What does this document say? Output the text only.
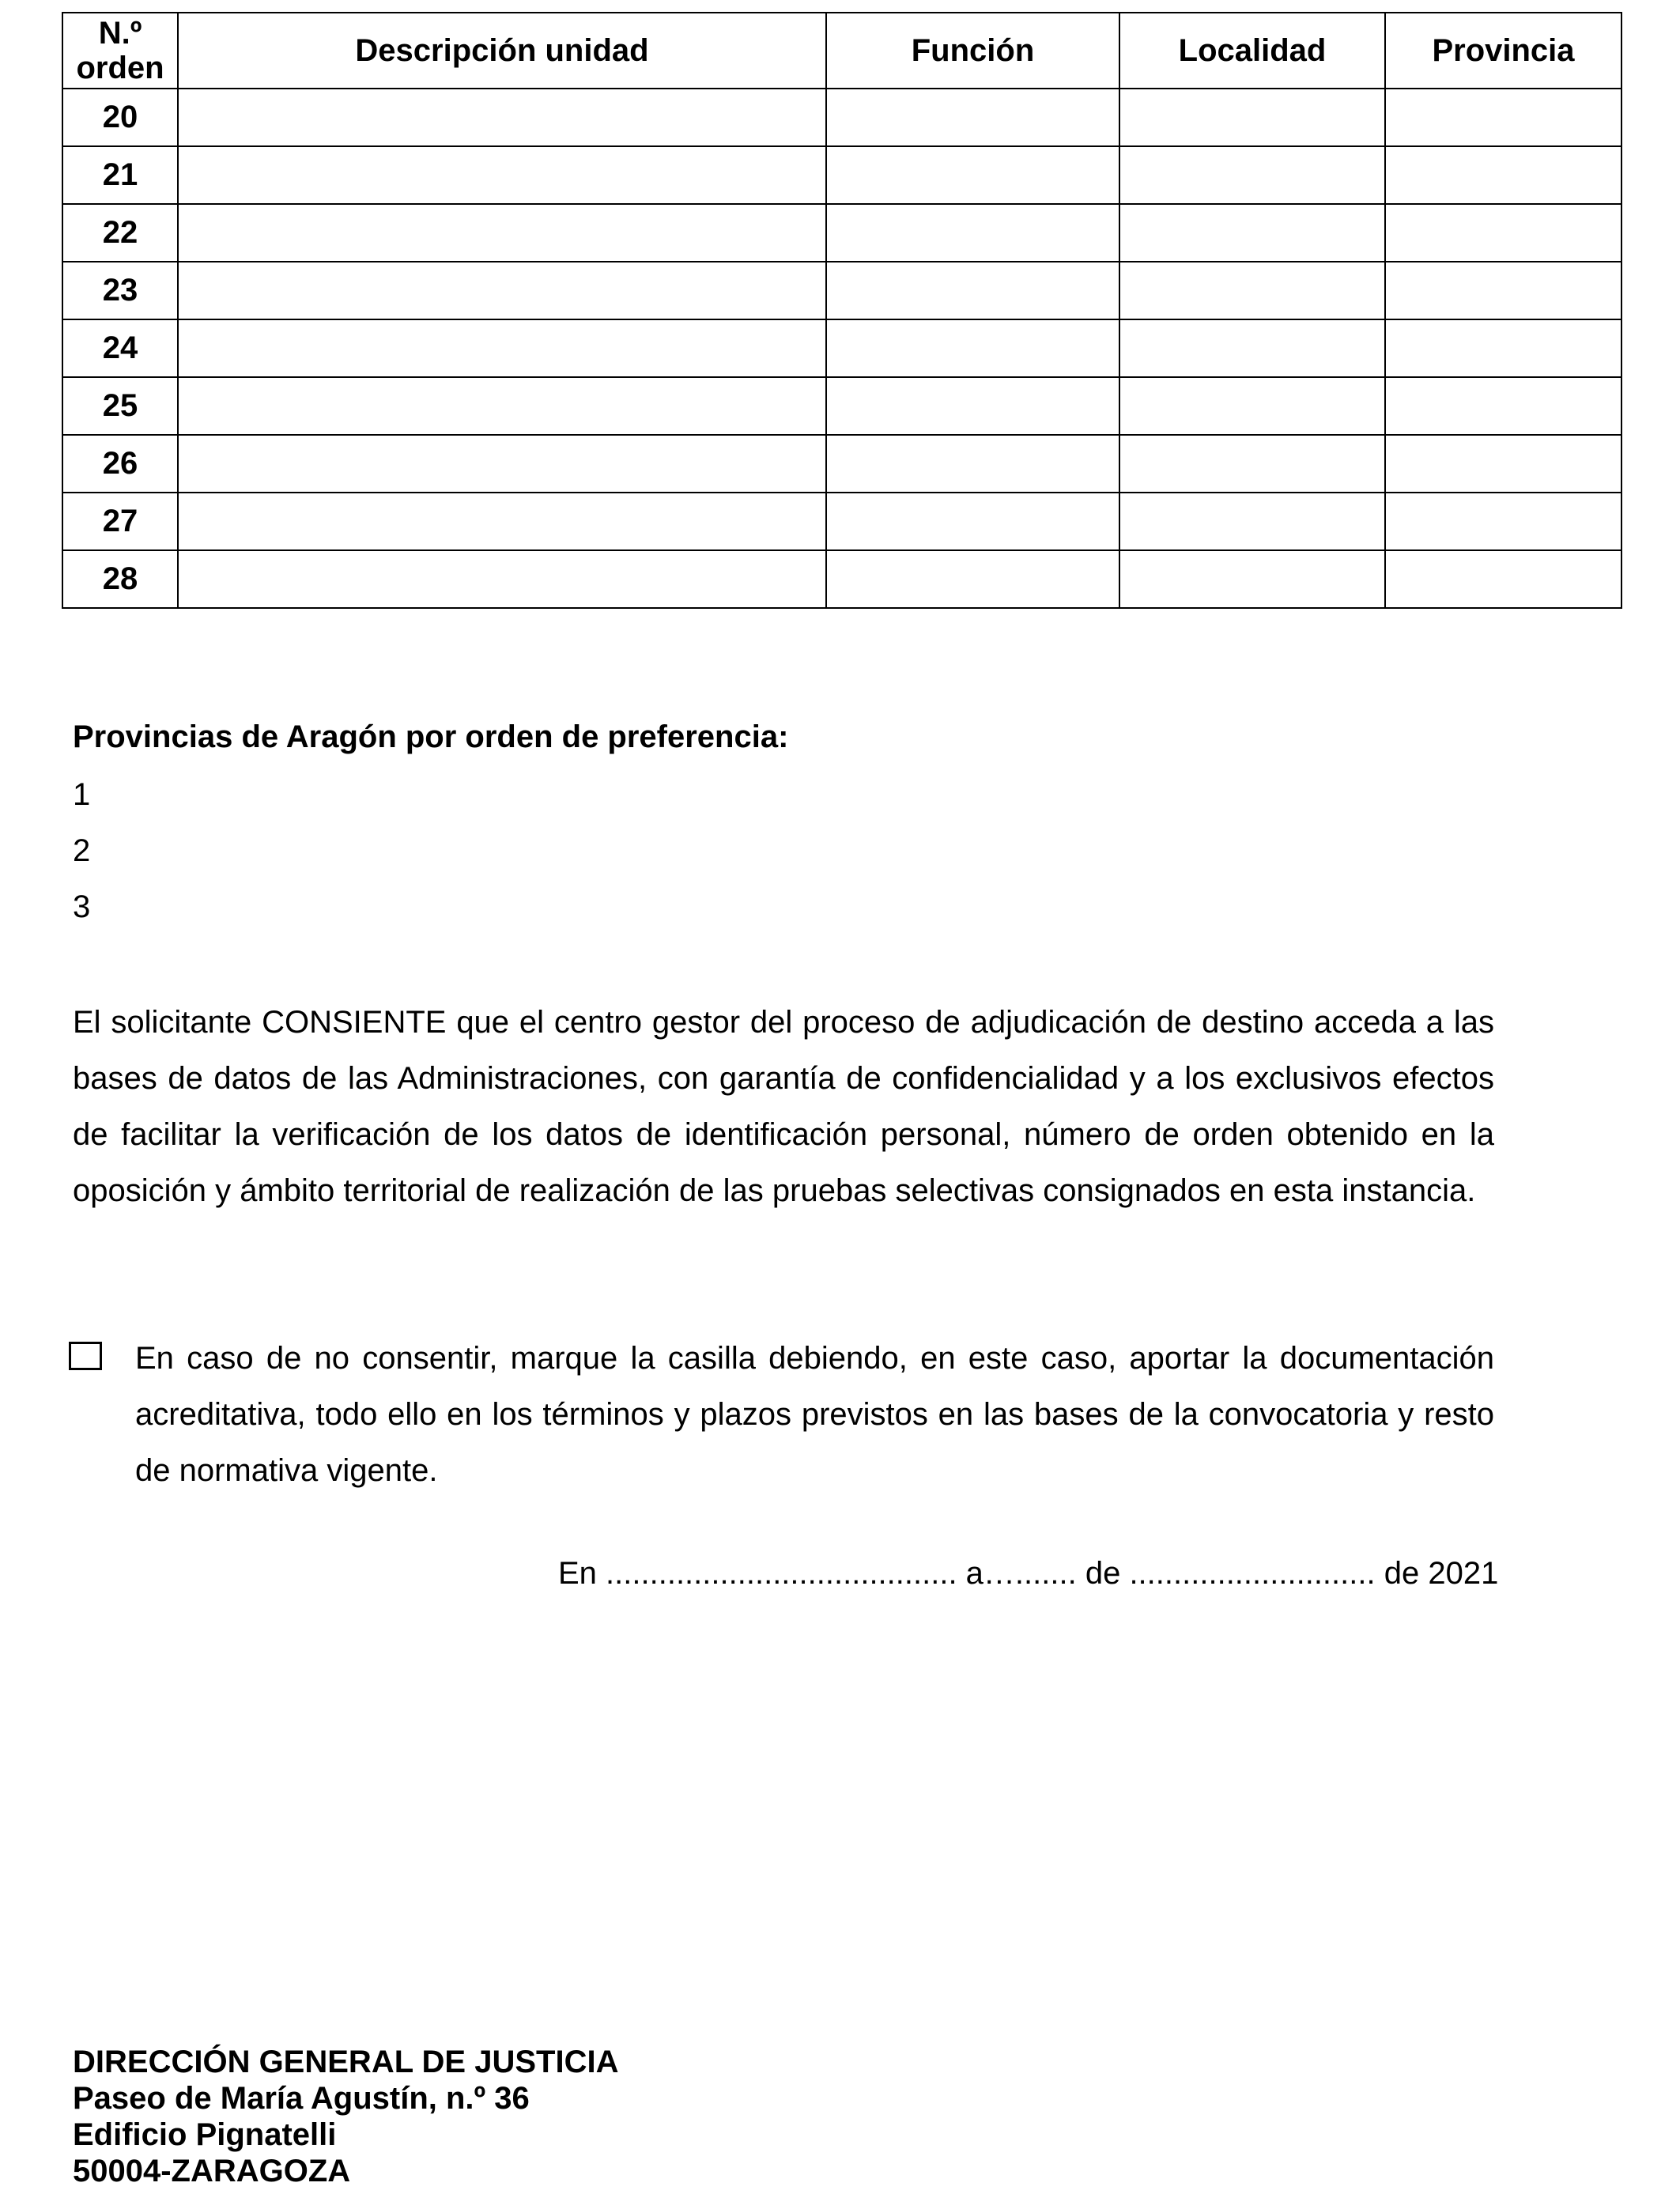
N.º orden	Descripción unidad	Función	Localidad	Provincia
20				
21				
22				
23				
24				
25				
26				
27				
28				
Provincias de Aragón por orden de preferencia:
1
2
3
El solicitante CONSIENTE que el centro gestor del proceso de adjudicación de destino acceda a las bases de datos de las Administraciones, con garantía de confidencialidad y a los exclusivos efectos de facilitar la verificación de los datos de identificación personal, número de orden obtenido en la oposición y ámbito territorial de realización de las pruebas selectivas consignados en esta instancia.
En caso de no consentir, marque la casilla debiendo, en este caso, aportar la documentación acreditativa, todo ello en los términos y plazos previstos en las bases de la convocatoria y resto de normativa vigente.
En ........................................ a…....... de ............................ de 2021
DIRECCIÓN GENERAL DE JUSTICIA
Paseo de María Agustín, n.º 36
Edificio Pignatelli
50004-ZARAGOZA
